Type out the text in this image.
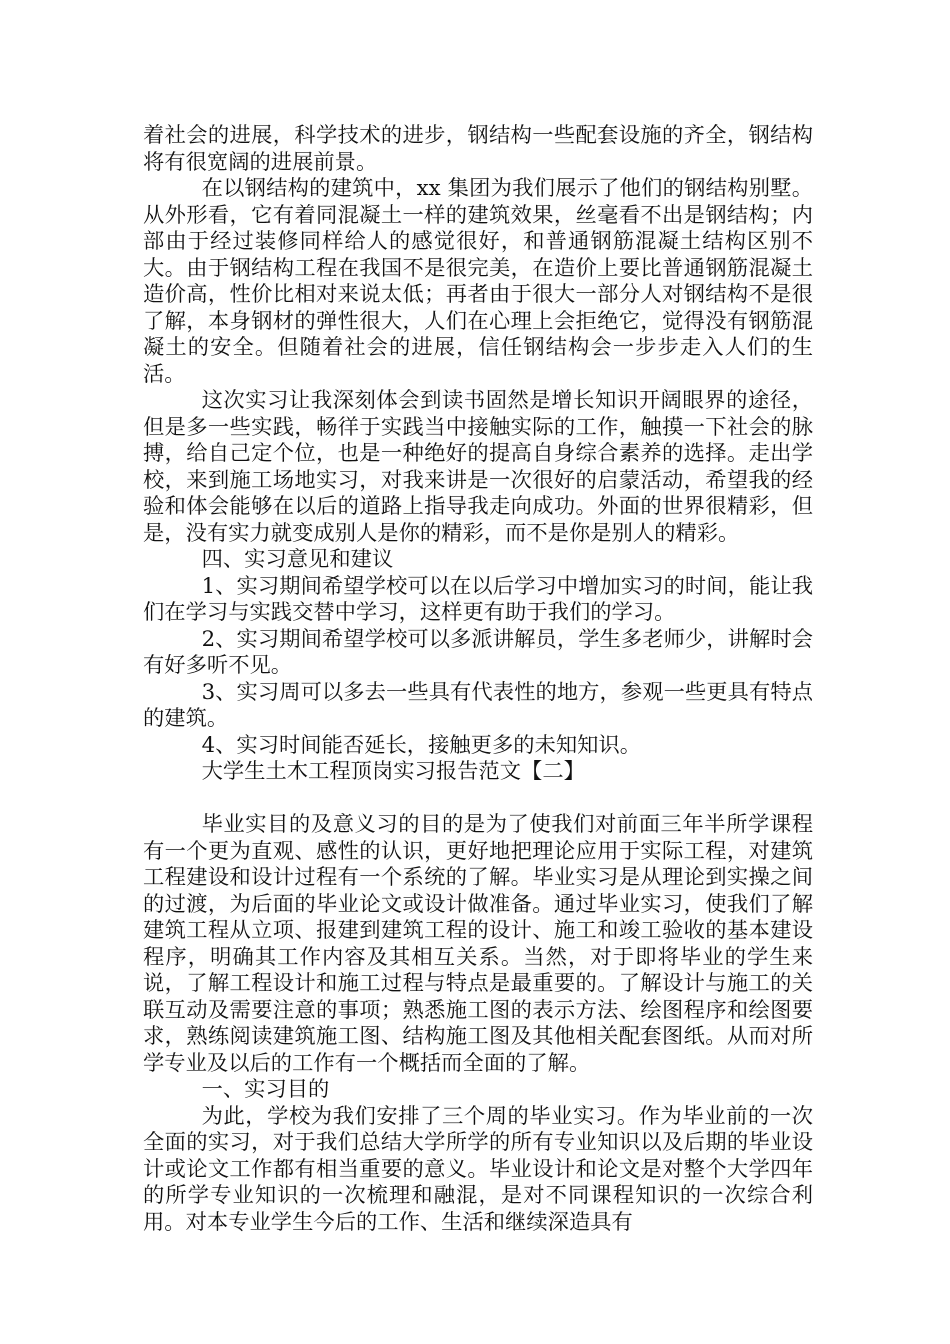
着社会的进展，科学技术的进步，钢结构一些配套设施的齐全，钢结构将有很宽阔的进展前景。

在以钢结构的建筑中，xx 集团为我们展示了他们的钢结构别墅。从外形看，它有着同混凝土一样的建筑效果，丝毫看不出是钢结构；内部由于经过装修同样给人的感觉很好，和普通钢筋混凝土结构区别不大。由于钢结构工程在我国不是很完美，在造价上要比普通钢筋混凝土造价高，性价比相对来说太低；再者由于很大一部分人对钢结构不是很了解，本身钢材的弹性很大，人们在心理上会拒绝它，觉得没有钢筋混凝土的安全。但随着社会的进展，信任钢结构会一步步走入人们的生活。

这次实习让我深刻体会到读书固然是增长知识开阔眼界的途径，但是多一些实践，畅徉于实践当中接触实际的工作，触摸一下社会的脉搏，给自己定个位，也是一种绝好的提高自身综合素养的选择。走出学校，来到施工场地实习，对我来讲是一次很好的启蒙活动，希望我的经验和体会能够在以后的道路上指导我走向成功。外面的世界很精彩，但是，没有实力就变成别人是你的精彩，而不是你是别人的精彩。

四、实习意见和建议

1、实习期间希望学校可以在以后学习中增加实习的时间，能让我们在学习与实践交替中学习，这样更有助于我们的学习。

2、实习期间希望学校可以多派讲解员，学生多老师少，讲解时会有好多听不见。

3、实习周可以多去一些具有代表性的地方，参观一些更具有特点的建筑。

4、实习时间能否延长，接触更多的未知知识。

大学生土木工程顶岗实习报告范文【二】

毕业实目的及意义习的目的是为了使我们对前面三年半所学课程有一个更为直观、感性的认识，更好地把理论应用于实际工程，对建筑工程建设和设计过程有一个系统的了解。毕业实习是从理论到实操之间的过渡，为后面的毕业论文或设计做准备。通过毕业实习，使我们了解建筑工程从立项、报建到建筑工程的设计、施工和竣工验收的基本建设程序，明确其工作内容及其相互关系。当然，对于即将毕业的学生来说，了解工程设计和施工过程与特点是最重要的。了解设计与施工的关联互动及需要注意的事项；熟悉施工图的表示方法、绘图程序和绘图要求，熟练阅读建筑施工图、结构施工图及其他相关配套图纸。从而对所学专业及以后的工作有一个概括而全面的了解。

一、实习目的

为此，学校为我们安排了三个周的毕业实习。作为毕业前的一次全面的实习，对于我们总结大学所学的所有专业知识以及后期的毕业设计或论文工作都有相当重要的意义。毕业设计和论文是对整个大学四年的所学专业知识的一次梳理和融混，是对不同课程知识的一次综合利用。对本专业学生今后的工作、生活和继续深造具有
